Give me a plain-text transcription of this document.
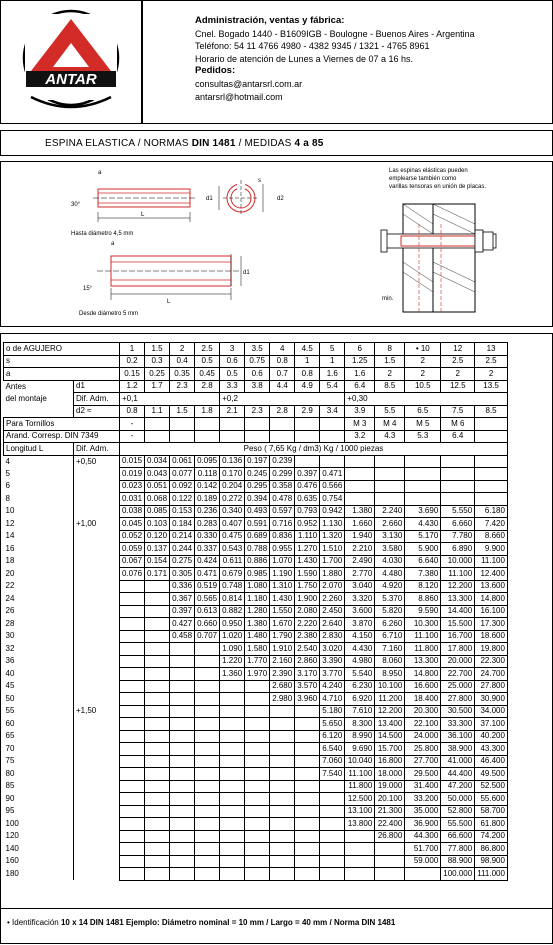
ANTAR
Administración, ventas y fábrica:
Cnel. Bogado 1440 - B1609IGB - Boulogne - Buenos Aires - Argentina
Teléfono: 54 11 4766 4980 - 4382 9345 / 1321 - 4765 8961
Horario de atención de Lunes a Viernes de 07 a 16 hs.
Pedidos:
consultas@antarsrl.com.ar
antarsrl@hotmail.com
ESPINA ELASTICA / NORMAS DIN 1481 / MEDIDAS 4 a 85
L
a
30°
Hasta diámetro 4,5 mm
s
d1	d2
L
a
15°
d1
Desde diámetro 5 mm
Las espinas elásticas pueden
emplearse también como
varillas tensoras en unión de placas.
min.
o de AGUJERO		1	1.5	2	2.5	3	3.5	4	4.5	5	6	8	• 10	12	13
s		0.2	0.3	0.4	0.5	0.6	0.75	0.8	1	1	1.25	1.5	2	2.5	2.5
a		0.15	0.25	0.35	0.45	0.5	0.6	0.7	0.8	1.6	1.6	2	2	2	2
Antes	d1	1.2	1.7	2.3	2.8	3.3	3.8	4.4	4.9	5.4	6.4	8.5	10.5	12.5	13.5
del montaje	Dif. Adm.	+0,1				+0,2					+0,30				
	d2 ≈	0.8	1.1	1.5	1.8	2.1	2.3	2.8	2.9	3.4	3.9	5.5	6.5	7.5	8.5
Para Tornillos		-									M 3	M 4	M 5	M 6	
Arand. Corresp. DIN 7349		-									3.2	4.3	5.3	6.4	
Longitud L	Dif. Adm.	Peso ( 7,65 Kg / dm3) Kg / 1000 piezas													
4	+0,50	0.015	0.034	0.061	0.095	0.136	0.197	0.239							
5		0.019	0.043	0.077	0.118	0.170	0.245	0.299	0.397	0.471					
6		0.023	0.051	0.092	0.142	0.204	0.295	0.358	0.476	0.566					
8		0.031	0.068	0.122	0.189	0.272	0.394	0.478	0.635	0.754					
10		0.038	0.085	0.153	0.236	0.340	0.493	0.597	0.793	0.942	1.380	2.240	3.690	5.550	6.180
12	+1,00	0.045	0.103	0.184	0.283	0.407	0.591	0.716	0.952	1.130	1.660	2.660	4.430	6.660	7.420
14		0.052	0.120	0.214	0.330	0.475	0.689	0.836	1.110	1.320	1.940	3.130	5.170	7.780	8.660
16		0.059	0.137	0.244	0.337	0.543	0.788	0.955	1.270	1.510	2.210	3.580	5.900	6.890	9.900
18		0.067	0.154	0.275	0.424	0.611	0.886	1.070	1.430	1.700	2.490	4.030	6.640	10.000	11.100
20		0.076	0.171	0.305	0.471	0.679	0.985	1.190	1.590	1.880	2.770	4.480	7.380	11.100	12.400
22				0.336	0.519	0.748	1.080	1.310	1.750	2.070	3.040	4.920	8.120	12.200	13.600
24				0.367	0.565	0.814	1.180	1.430	1.900	2.260	3.320	5.370	8.860	13.300	14.800
26				0.397	0.613	0.882	1.280	1.550	2.080	2.450	3.600	5.820	9.590	14.400	16.100
28				0.427	0.660	0.950	1.380	1.670	2.220	2.640	3.870	6.260	10.300	15.500	17.300
30				0.458	0.707	1.020	1.480	1.790	2.380	2.830	4.150	6.710	11.100	16.700	18.600
32						1.090	1.580	1.910	2.540	3.020	4.430	7.160	11.800	17.800	19.800
36						1.220	1.770	2.160	2.860	3.390	4.980	8.060	13.300	20.000	22.300
40						1.360	1.970	2.390	3.170	3.770	5.540	8.950	14.800	22.700	24.700
45								2.680	3.570	4.240	6.230	10.100	16.600	25.000	27.800
50								2.980	3.960	4.710	6.920	11.200	18.400	27.800	30.900
55	+1,50									5.180	7.610	12.200	20.300	30.500	34.000
60										5.650	8.300	13.400	22.100	33.300	37.100
65										6.120	8.990	14.500	24.000	36.100	40.200
70										6.540	9.690	15.700	25.800	38.900	43.300
75										7.060	10.040	16.800	27.700	41.000	46.400
80										7.540	11.100	18.000	29.500	44.400	49.500
85											11.800	19.000	31.400	47.200	52.500
90											12.500	20.100	33.200	50.000	55.600
95											13.100	21.300	35.000	52.800	58.700
100											13.800	22.400	36.900	55.500	61.800
120												26.800	44.300	66.600	74.200
140													51.700	77.800	86.800
160													59.000	88.900	98.900
180														100.000	111.000
• Identificación 10 x 14 DIN 1481 Ejemplo: Diámetro nominal = 10 mm / Largo = 40 mm / Norma DIN 1481
